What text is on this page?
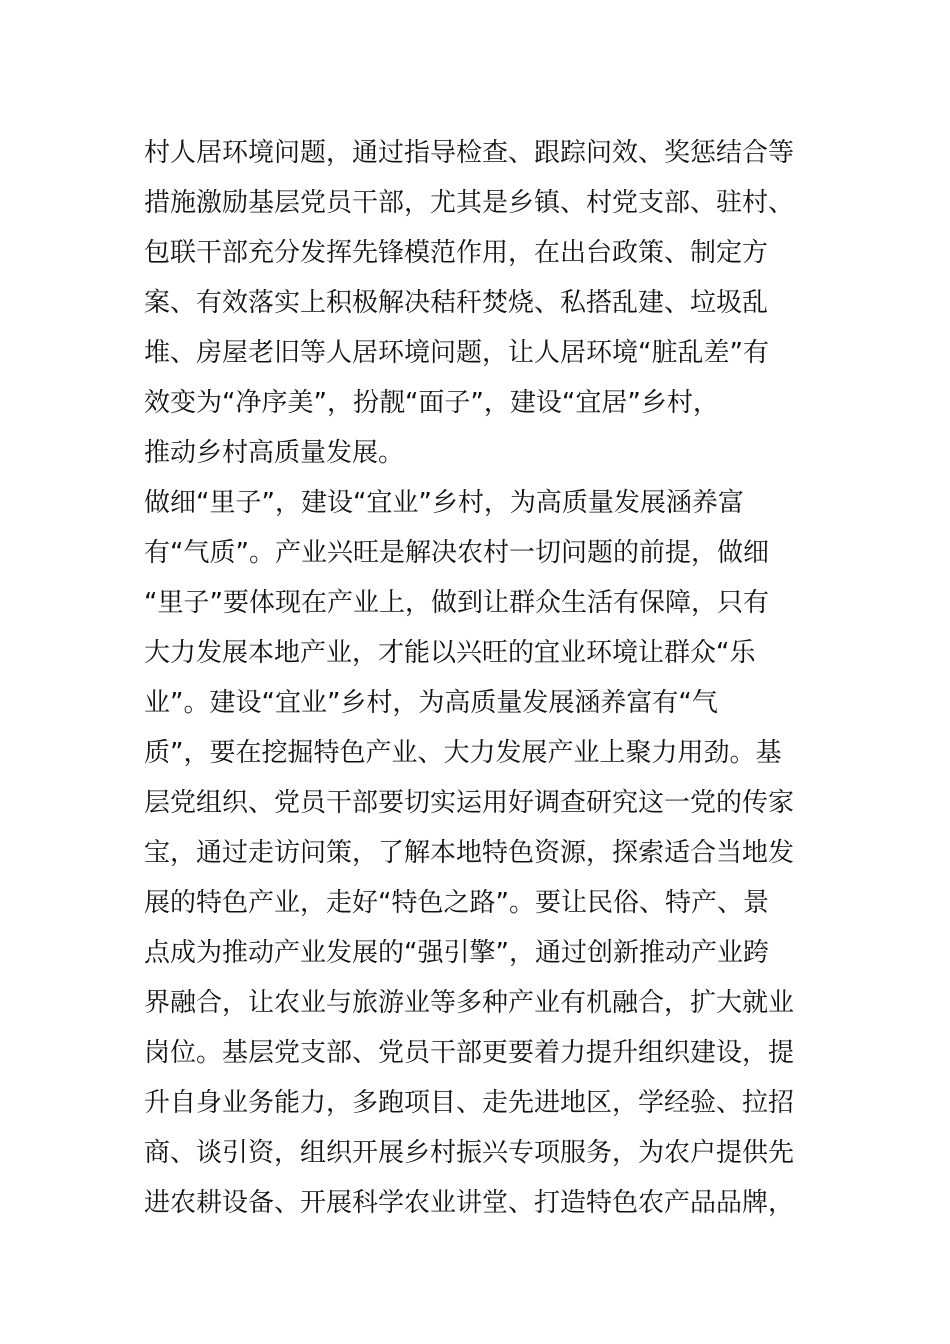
村人居环境问题，通过指导检查、跟踪问效、奖惩结合等
措施激励基层党员干部，尤其是乡镇、村党支部、驻村、
包联干部充分发挥先锋模范作用，在出台政策、制定方
案、有效落实上积极解决秸秆焚烧、私搭乱建、垃圾乱
堆、房屋老旧等人居环境问题，让人居环境“脏乱差”有
效变为“净序美”，扮靓“面子”，建设“宜居”乡村，
推动乡村高质量发展。
做细“里子”，建设“宜业”乡村，为高质量发展涵养富
有“气质”。产业兴旺是解决农村一切问题的前提，做细
“里子”要体现在产业上，做到让群众生活有保障，只有
大力发展本地产业，才能以兴旺的宜业环境让群众“乐
业”。建设“宜业”乡村，为高质量发展涵养富有“气
质”，要在挖掘特色产业、大力发展产业上聚力用劲。基
层党组织、党员干部要切实运用好调查研究这一党的传家
宝，通过走访问策，了解本地特色资源，探索适合当地发
展的特色产业，走好“特色之路”。要让民俗、特产、景
点成为推动产业发展的“强引擎”，通过创新推动产业跨
界融合，让农业与旅游业等多种产业有机融合，扩大就业
岗位。基层党支部、党员干部更要着力提升组织建设，提
升自身业务能力，多跑项目、走先进地区，学经验、拉招
商、谈引资，组织开展乡村振兴专项服务，为农户提供先
进农耕设备、开展科学农业讲堂、打造特色农产品品牌，
